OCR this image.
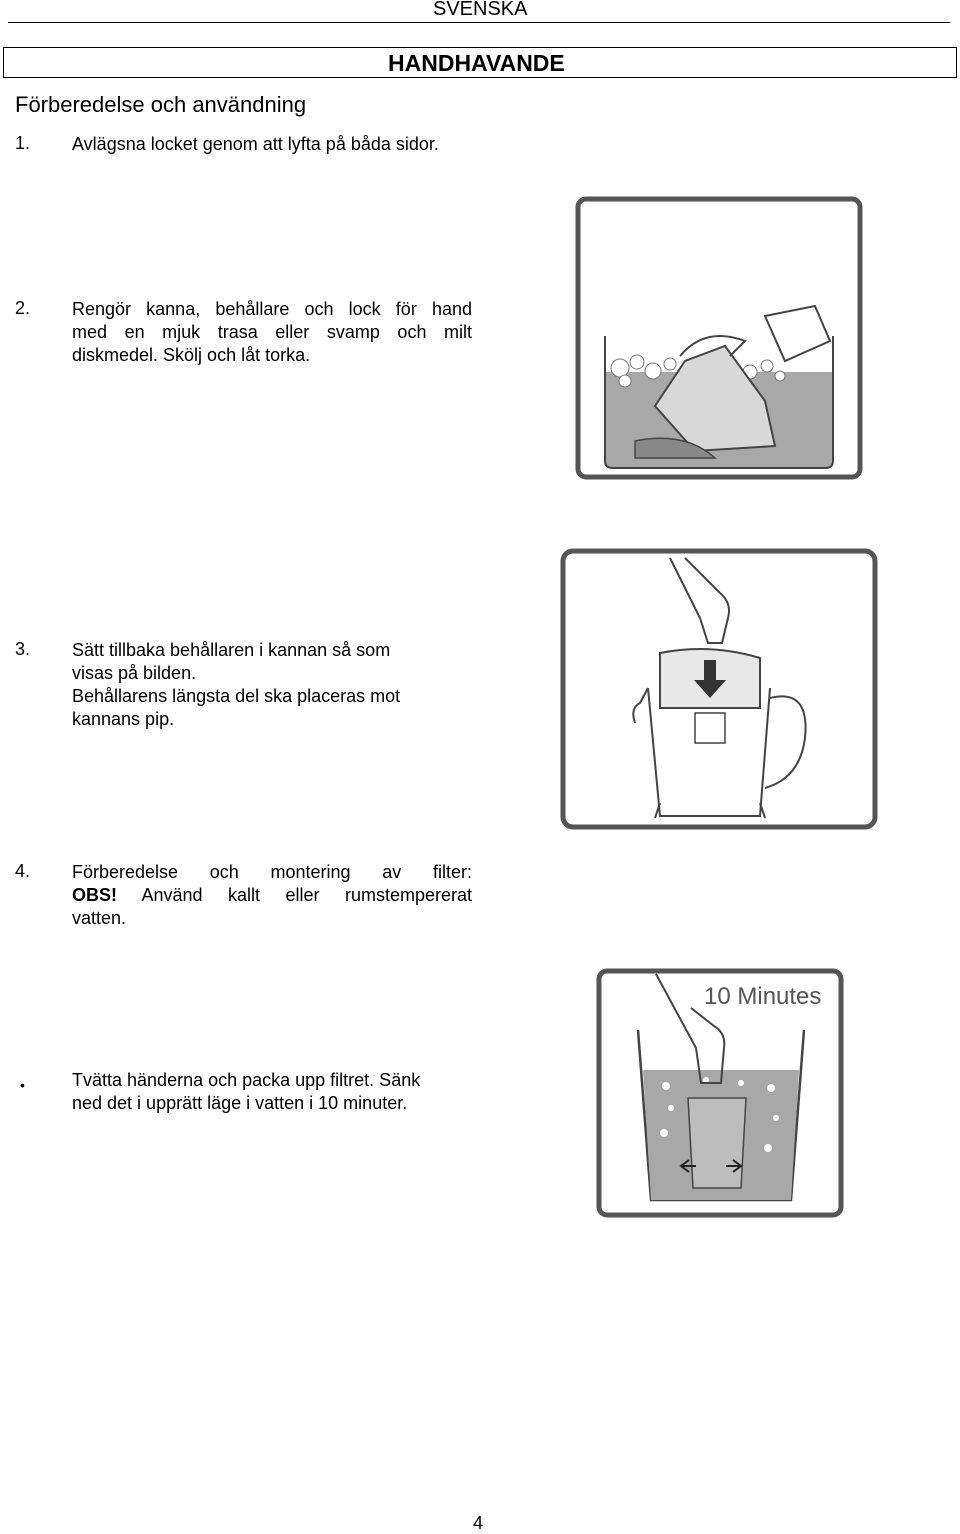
SVENSKA
HANDHAVANDE
Förberedelse och användning
1. Avlägsna locket genom att lyfta på båda sidor.
2. Rengör kanna, behållare och lock för hand
med en mjuk trasa eller svamp och milt
diskmedel. Skölj och låt torka.
3. Sätt tillbaka behållaren i kannan så som
visas på bilden.
Behållarens längsta del ska placeras mot
kannans pip.
4. Förberedelse och montering av filter:
OBS! Använd kallt eller rumstempererat
vatten.
10 Minutes
•	Tvätta händerna och packa upp filtret. Sänk
ned det i upprätt läge i vatten i 10 minuter.
4
